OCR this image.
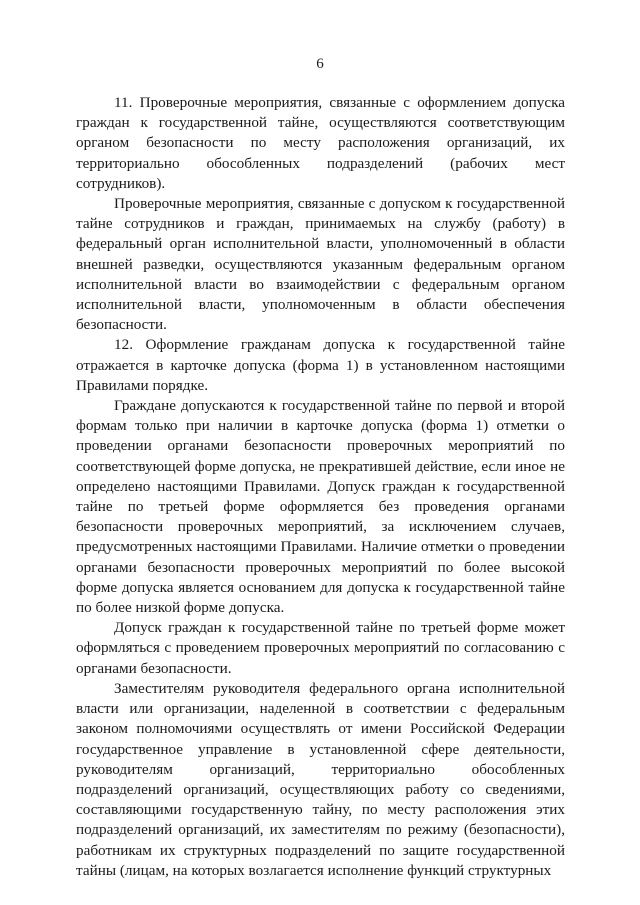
6

11. Проверочные мероприятия, связанные с оформлением допуска граждан к государственной тайне, осуществляются соответствующим органом безопасности по месту расположения организаций, их территориально обособленных подразделений (рабочих мест сотрудников).

Проверочные мероприятия, связанные с допуском к государственной тайне сотрудников и граждан, принимаемых на службу (работу) в федеральный орган исполнительной власти, уполномоченный в области внешней разведки, осуществляются указанным федеральным органом исполнительной власти во взаимодействии с федеральным органом исполнительной власти, уполномоченным в области обеспечения безопасности.

12. Оформление гражданам допуска к государственной тайне отражается в карточке допуска (форма 1) в установленном настоящими Правилами порядке.

Граждане допускаются к государственной тайне по первой и второй формам только при наличии в карточке допуска (форма 1) отметки о проведении органами безопасности проверочных мероприятий по соответствующей форме допуска, не прекратившей действие, если иное не определено настоящими Правилами. Допуск граждан к государственной тайне по третьей форме оформляется без проведения органами безопасности проверочных мероприятий, за исключением случаев, предусмотренных настоящими Правилами. Наличие отметки о проведении органами безопасности проверочных мероприятий по более высокой форме допуска является основанием для допуска к государственной тайне по более низкой форме допуска.

Допуск граждан к государственной тайне по третьей форме может оформляться с проведением проверочных мероприятий по согласованию с органами безопасности.

Заместителям руководителя федерального органа исполнительной власти или организации, наделенной в соответствии с федеральным законом полномочиями осуществлять от имени Российской Федерации государственное управление в установленной сфере деятельности, руководителям организаций, территориально обособленных подразделений организаций, осуществляющих работу со сведениями, составляющими государственную тайну, по месту расположения этих подразделений организаций, их заместителям по режиму (безопасности), работникам их структурных подразделений по защите государственной тайны (лицам, на которых возлагается исполнение функций структурных
